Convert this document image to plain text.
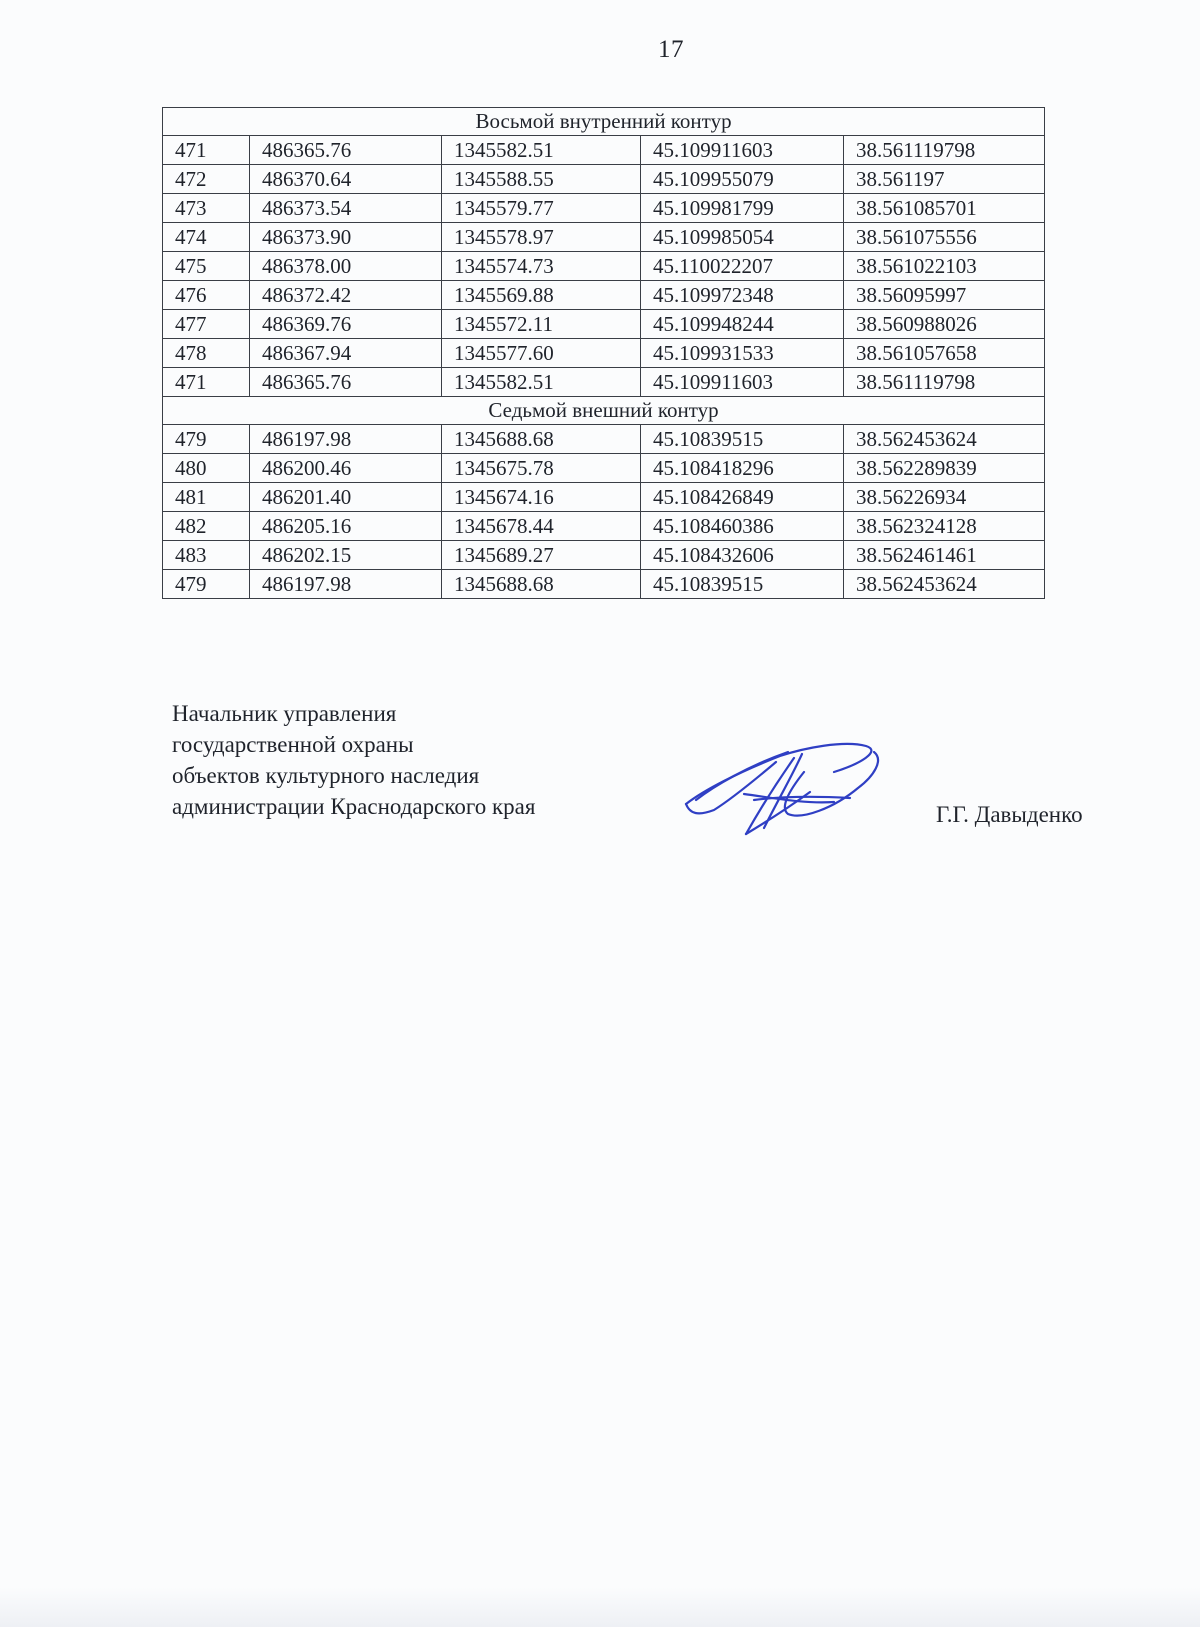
17
Восьмой внутренний контур				
471	486365.76	1345582.51	45.109911603	38.561119798
472	486370.64	1345588.55	45.109955079	38.561197
473	486373.54	1345579.77	45.109981799	38.561085701
474	486373.90	1345578.97	45.109985054	38.561075556
475	486378.00	1345574.73	45.110022207	38.561022103
476	486372.42	1345569.88	45.109972348	38.56095997
477	486369.76	1345572.11	45.109948244	38.560988026
478	486367.94	1345577.60	45.109931533	38.561057658
471	486365.76	1345582.51	45.109911603	38.561119798
Седьмой внешний контур				
479	486197.98	1345688.68	45.10839515	38.562453624
480	486200.46	1345675.78	45.108418296	38.562289839
481	486201.40	1345674.16	45.108426849	38.56226934
482	486205.16	1345678.44	45.108460386	38.562324128
483	486202.15	1345689.27	45.108432606	38.562461461
479	486197.98	1345688.68	45.10839515	38.562453624
Начальник управления
государственной охраны
объектов культурного наследия
администрации Краснодарского края	Г.Г. Давыденко
